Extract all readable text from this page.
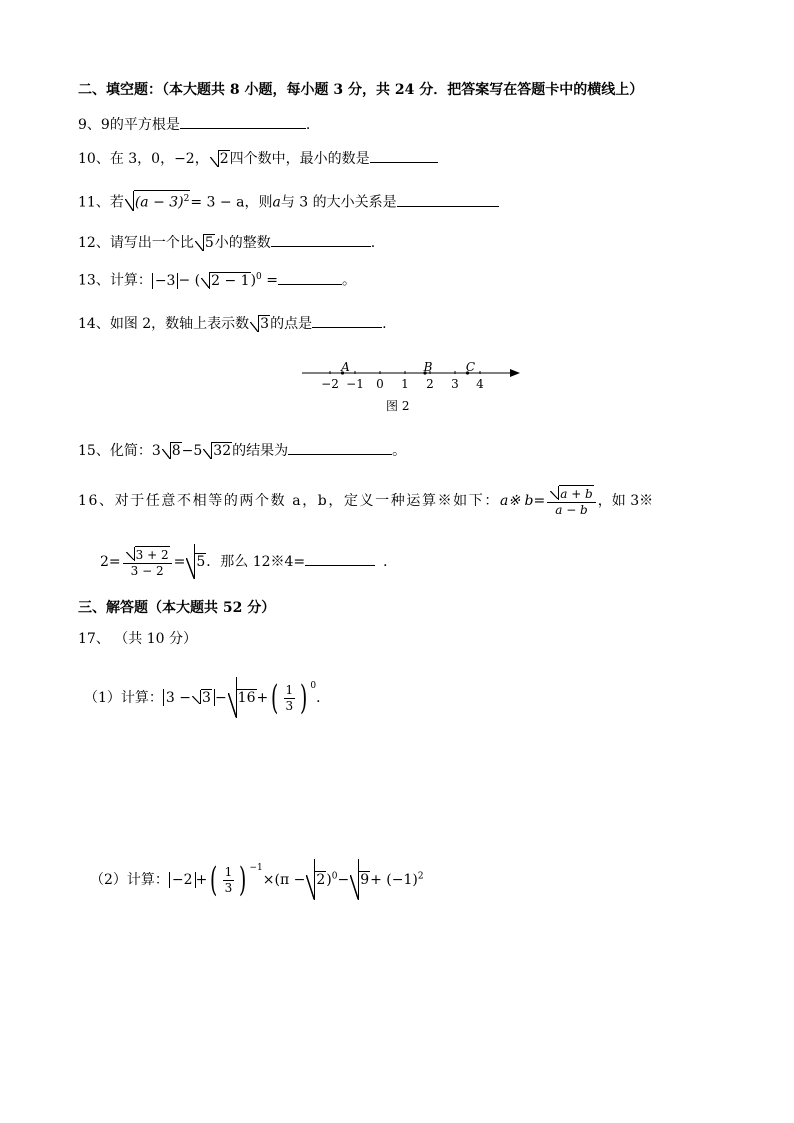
二、填空题：（本大题共 8 小题，每小题 3 分，共 24 分．把答案写在答题卡中的横线上）
9、9的平方根是	.
10、在 3，0，−2， 2四个数中，最小的数是
11、若 $(a - 3)^2= 3 - a$，则a与 3 的大小关系是
12、请写出一个比 5小的整数	.
13、计算： −3 − ( 2 − 1)$^0$ =	。
14、如图 2，数轴上表示数 3的点是	.
−2 −1 0 1 2 3 4
A	B	C
图 2
15、化简：3 8−5 32的结果为	。
16、对于任意不相等的两个数 a，b，定义一种运算※如下：a※ $b= \frac{a + b}{a - b}$ ，如 3※
$2= \frac{3 + 2}{3 - 2} = 5$．那么 12※4=	．
三、解答题（本大题共 52 分）
17、 （共 10 分）
（1）计算： $3 - 3 - 16+( \frac{1}{3}$ ) $^0$．
（2）计算： −2 +( $\frac{1}{3}$ ) $^{-1}\times(\pi - 2)^0- 9+ (-1)^2$
